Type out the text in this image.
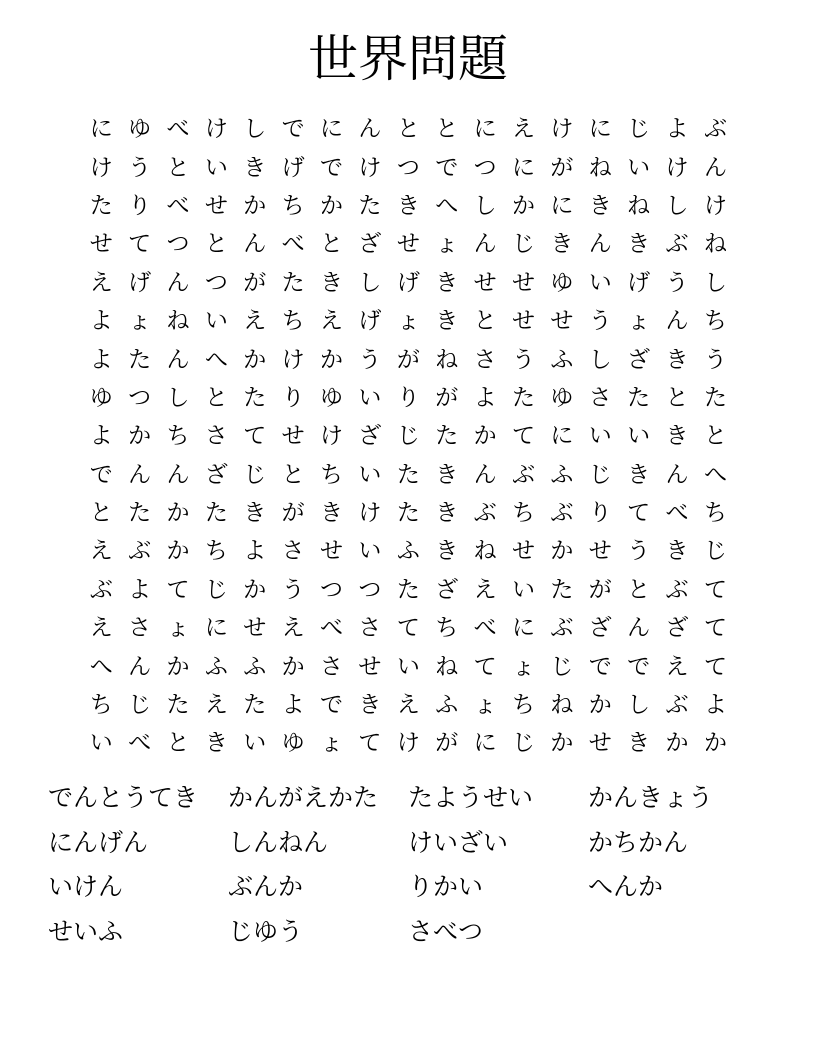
世界問題
に ゆ べ け し で に ん と と に え け に じ よ ぶ
け う と い き げ で け つ で つ に が ね い け ん
た り べ せ か ち か た き へ し か に き ね し け
せ て つ と ん べ と ざ せ ょ ん じ き ん き ぶ ね
え げ ん つ が た き し げ き せ せ ゆ い げ う し
よ ょ ね い え ち え げ ょ き と せ せ う ょ ん ち
よ た ん へ か け か う が ね さ う ふ し ざ き う
ゆ つ し と た り ゆ い り が よ た ゆ さ た と た
よ か ち さ て せ け ざ じ た か て に い い き と
で ん ん ざ じ と ち い た き ん ぶ ふ じ き ん へ
と た か た き が き け た き ぶ ち ぶ り て べ ち
え ぶ か ち よ さ せ い ふ き ね せ か せ う き じ
ぶ よ て じ か う つ つ た ざ え い た が と ぶ て
え さ ょ に せ え べ さ て ち べ に ぶ ざ ん ざ て
へ ん か ふ ふ か さ せ い ね て ょ じ で で え て
ち じ た え た よ で き え ふ ょ ち ね か し ぶ よ
い べ と き い ゆ ょ て け が に じ か せ き か か
でんとうてき	かんがえかた	たようせい	かんきょう
にんげん	しんねん	けいざい	かちかん
いけん	ぶんか	りかい	へんか
せいふ	じゆう	さべつ
